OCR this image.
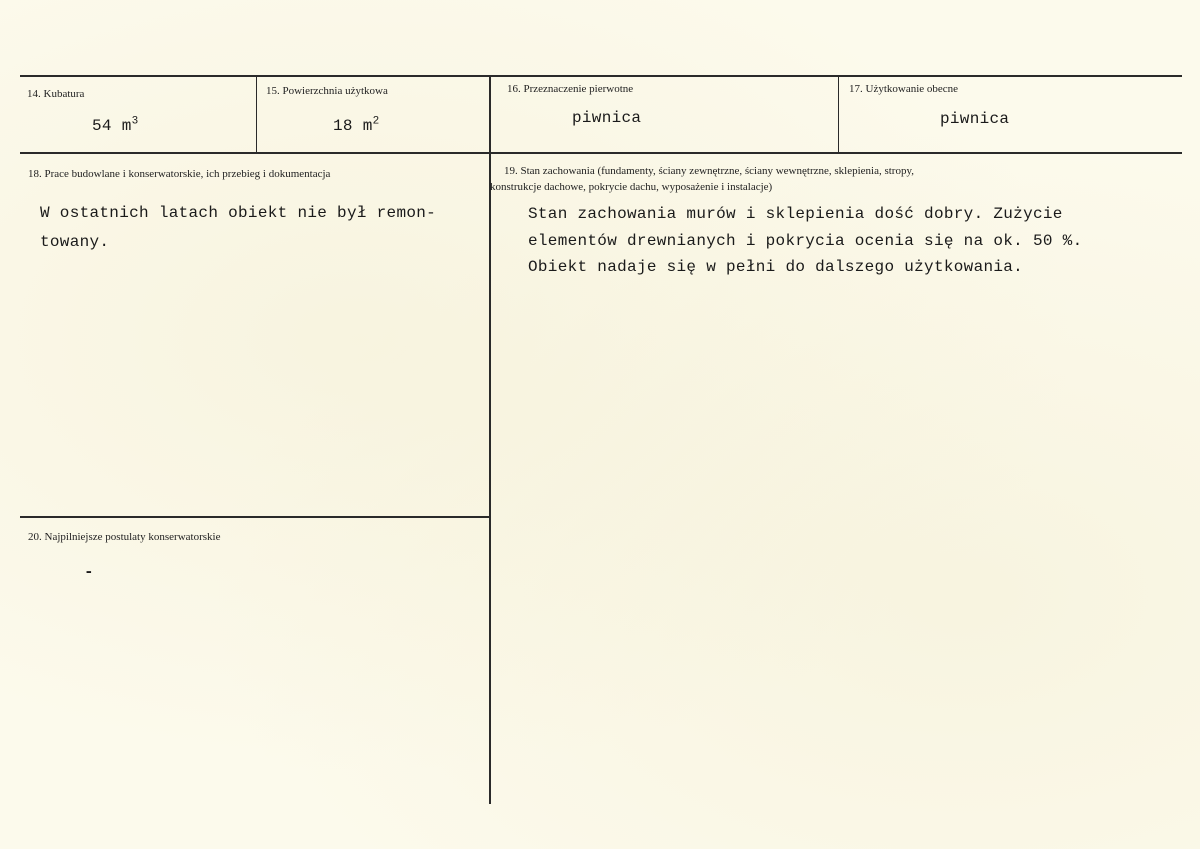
14. Kubatura
54 $m^3$
15. Powierzchnia użytkowa
18 $m^2$
16. Przeznaczenie pierwotne
piwnica
17. Użytkowanie obecne
piwnica
18. Prace budowlane i konserwatorskie, ich przebieg i dokumentacja
W ostatnich latach obiekt nie był remon-
towany.
19. Stan zachowania (fundamenty, ściany zewnętrzne, ściany wewnętrzne, sklepienia, stropy,
konstrukcje dachowe, pokrycie dachu, wyposażenie i instalacje)
Stan zachowania murów i sklepienia dość dobry. Zużycie
elementów drewnianych i pokrycia ocenia się na ok. 50 %.
Obiekt nadaje się w pełni do dalszego użytkowania.
20. Najpilniejsze postulaty konserwatorskie
-
